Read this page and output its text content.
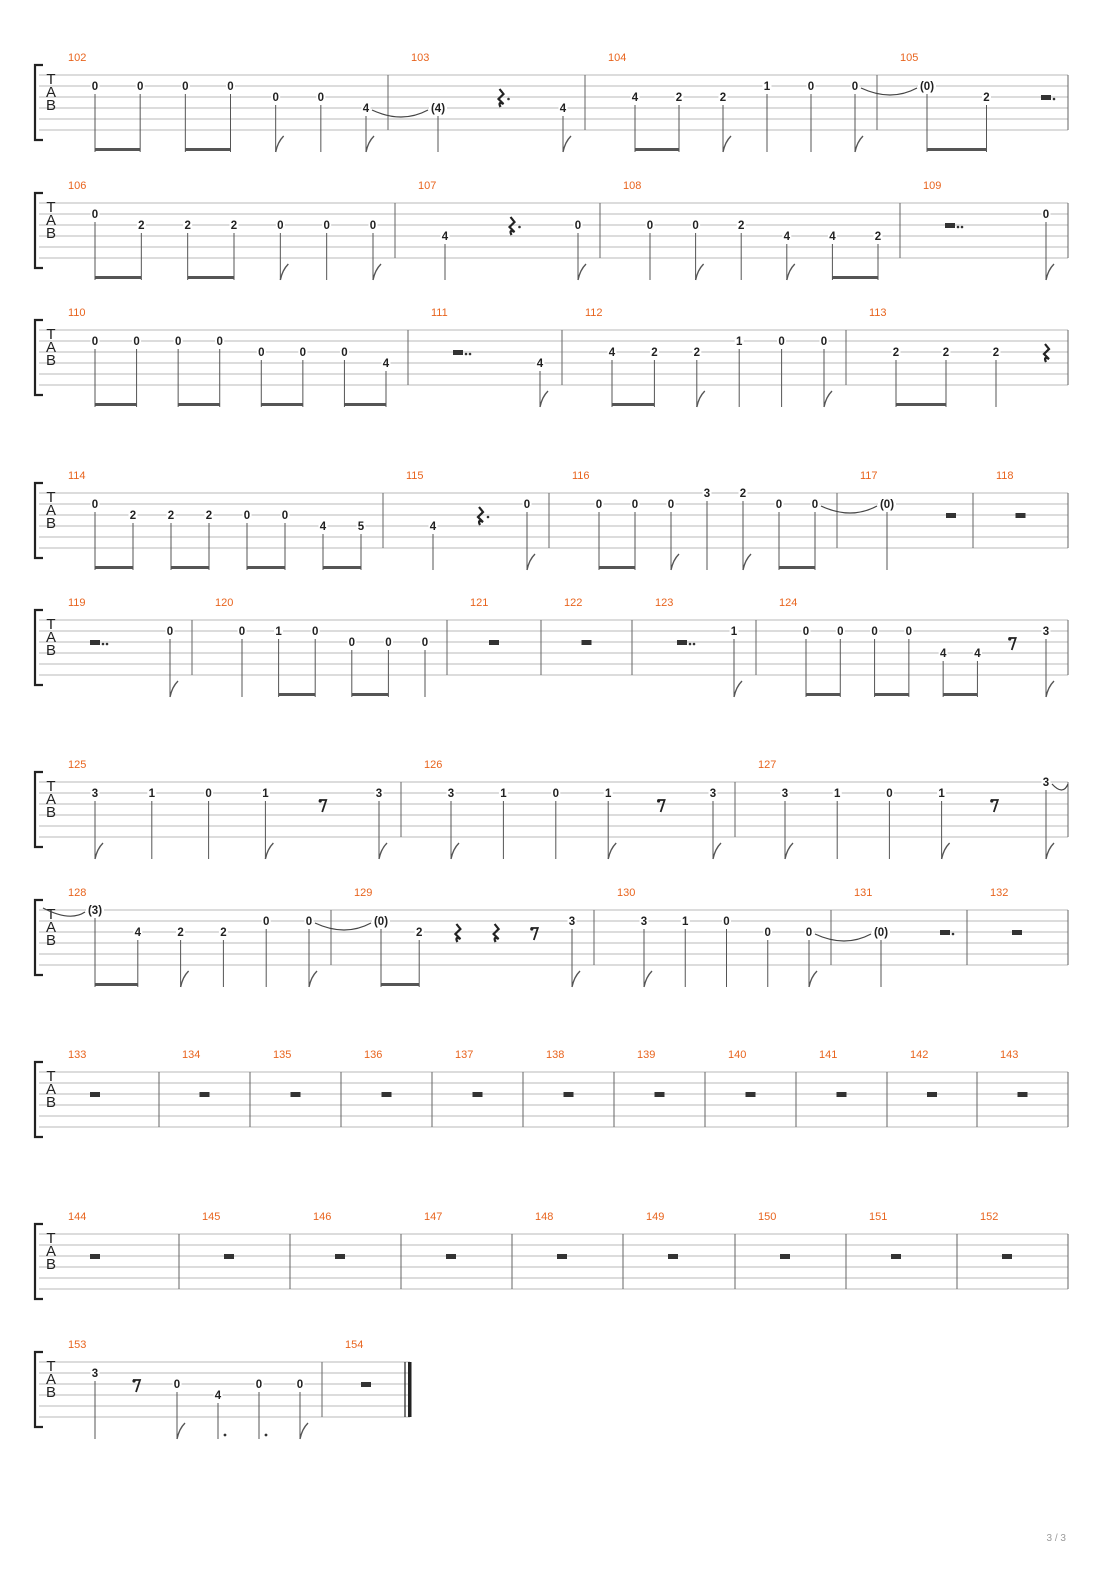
T
A
B
102
0	0	0	0
0	0
4
103
(4)	4
104
4	2	2
1	0	0
105
(0)
2
T
A
B
106
0
2	2	2	0	0	0
107
4
0
108
0	0	2
4	4	2
109
0
T
A
B
110
0	0	0	0
0	0	0
4
111
4
112
4	2	2
1	0	0
113
2	2	2
T
A
B
114
0
2	2	2	0	0
4	5
115
4
0
116
0	0	0
3	2
0	0
117
(0)
118
T
A
B
119
0
120
0	1	0
0	0	0
121	122	123
1
124
0 0 0 0
4 4
3
T
A
B
125
3	1	0	1	3
126
3	1	0	1	3
127
3	1	0	1
3
T
A
B
128
(3)
4	2	2
0	0
129
(0)
2
3
130
3	1	0
0	0
131
(0)
132
T
A
B
133	134	135	136	137	138	139	140	141	142	143
T
A
B
144	145	146	147	148	149	150	151	152
T
A
B
153
3
0
4
0	0
154
3 / 3
